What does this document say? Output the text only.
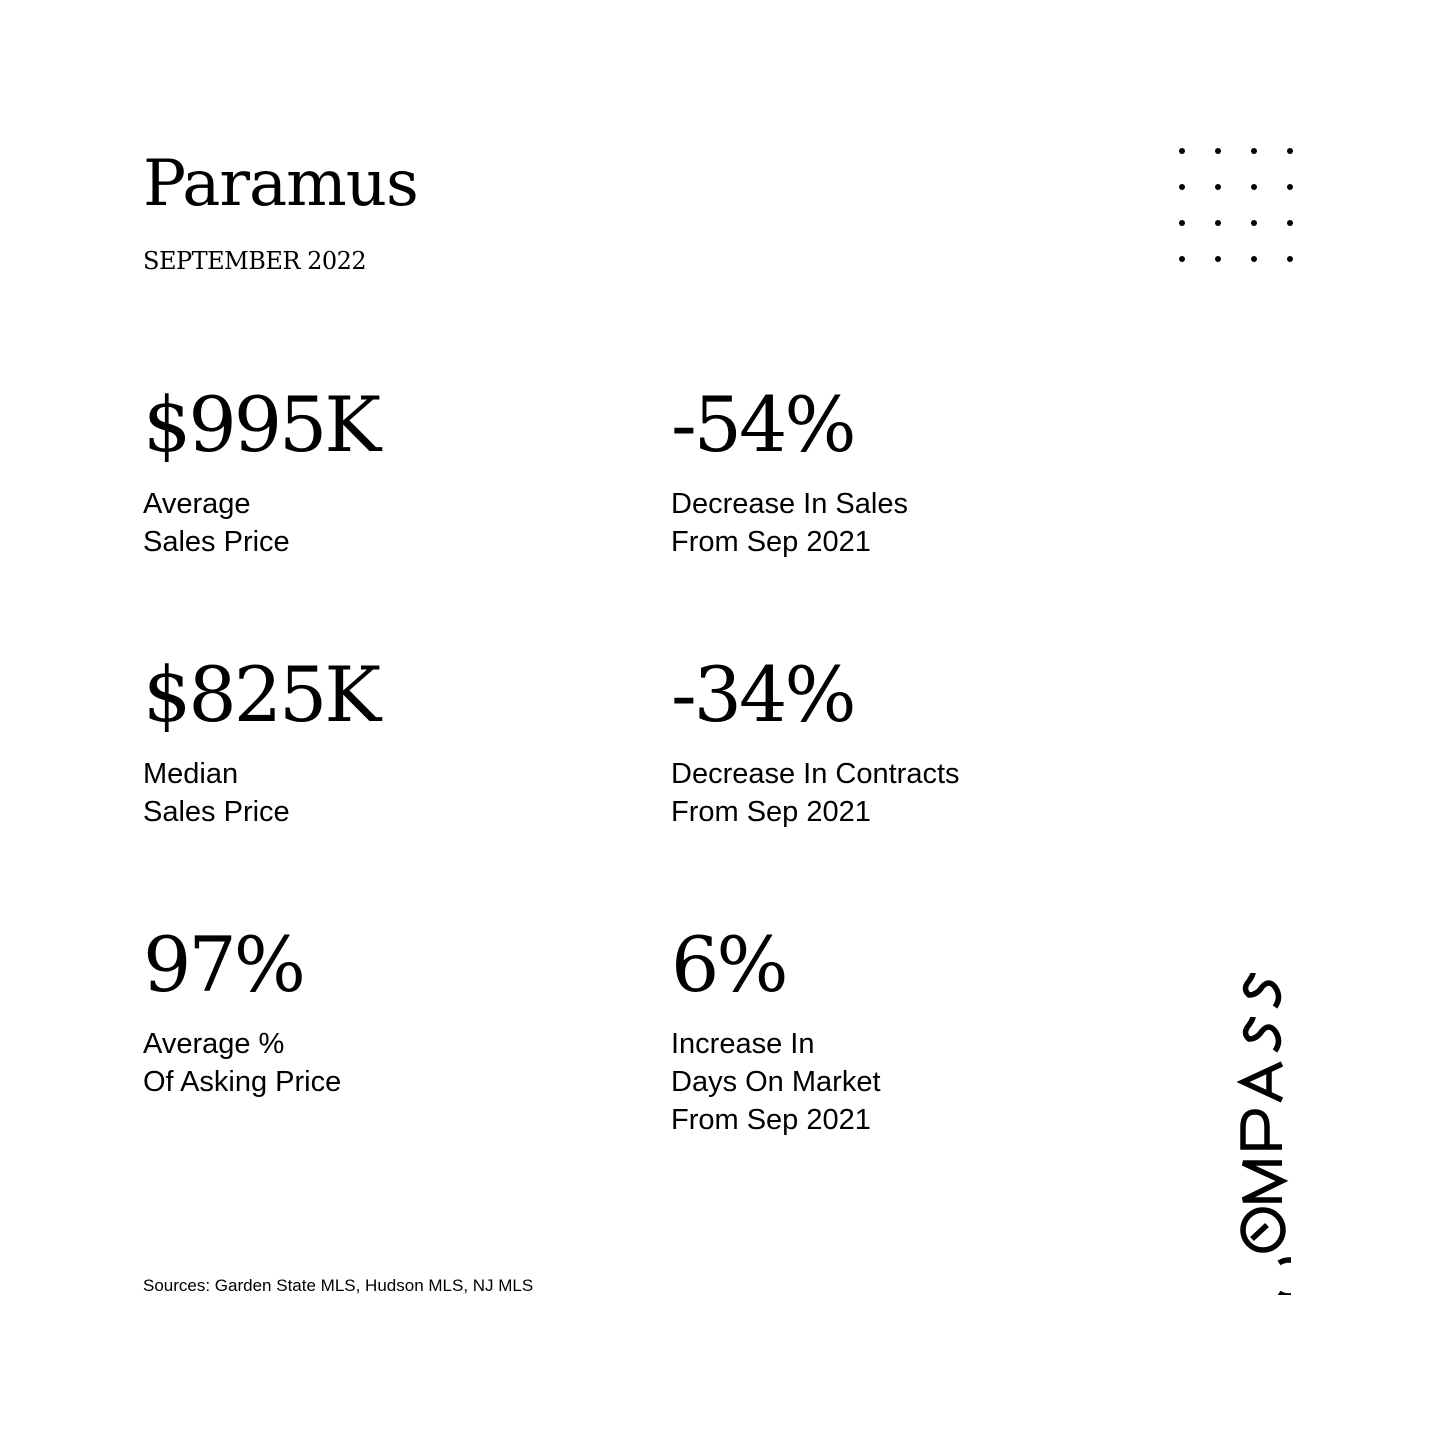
Paramus
SEPTEMBER 2022
$995K
Average
Sales Price
-54%
Decrease In Sales
From Sep 2021
$825K
Median
Sales Price
-34%
Decrease In Contracts
From Sep 2021
97%
Average %
Of Asking Price
6%
Increase In
Days On Market
From Sep 2021
Sources: Garden State MLS, Hudson MLS, NJ MLS
